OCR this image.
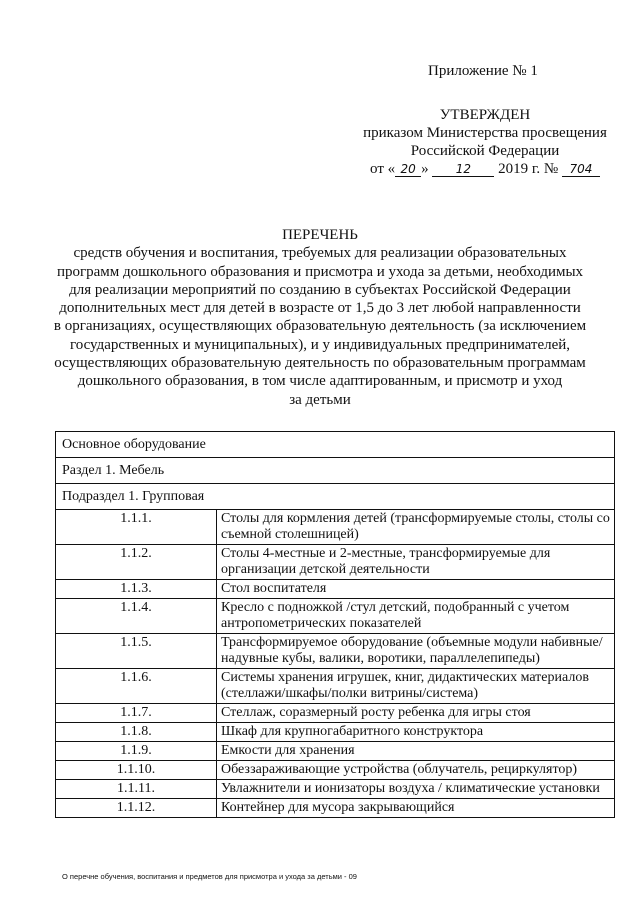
Приложение № 1
УТВЕРЖДЕН
приказом Министерства просвещения
Российской Федерации
от « 20 » 12 2019 г. № 704
ПЕРЕЧЕНЬ
средств обучения и воспитания, требуемых для реализации образовательных
программ дошкольного образования и присмотра и ухода за детьми, необходимых
для реализации мероприятий по созданию в субъектах Российской Федерации
дополнительных мест для детей в возрасте от 1,5 до 3 лет любой направленности
в организациях, осуществляющих образовательную деятельность (за исключением
государственных и муниципальных), и у индивидуальных предпринимателей,
осуществляющих образовательную деятельность по образовательным программам
дошкольного образования, в том числе адаптированным, и присмотр и уход
за детьми
Основное оборудование	
Раздел 1. Мебель	
Подраздел 1. Групповая	
1.1.1.	Столы для кормления детей (трансформируемые столы, столы со съемной столешницей)
1.1.2.	Столы 4-местные и 2-местные, трансформируемые для организации детской деятельности
1.1.3.	Стол воспитателя
1.1.4.	Кресло с подножкой /стул детский, подобранный с учетом антропометрических показателей
1.1.5.	Трансформируемое оборудование (объемные модули набивные/ надувные кубы, валики, воротики, параллелепипеды)
1.1.6.	Системы хранения игрушек, книг, дидактических материалов (стеллажи/шкафы/полки витрины/система)
1.1.7.	Стеллаж, соразмерный росту ребенка для игры стоя
1.1.8.	Шкаф для крупногабаритного конструктора
1.1.9.	Емкости для хранения
1.1.10.	Обеззараживающие устройства (облучатель, рециркулятор)
1.1.11.	Увлажнители и ионизаторы воздуха / климатические установки
1.1.12.	Контейнер для мусора закрывающийся
О перечне обучения, воспитания и предметов для присмотра и ухода за детьми - 09
